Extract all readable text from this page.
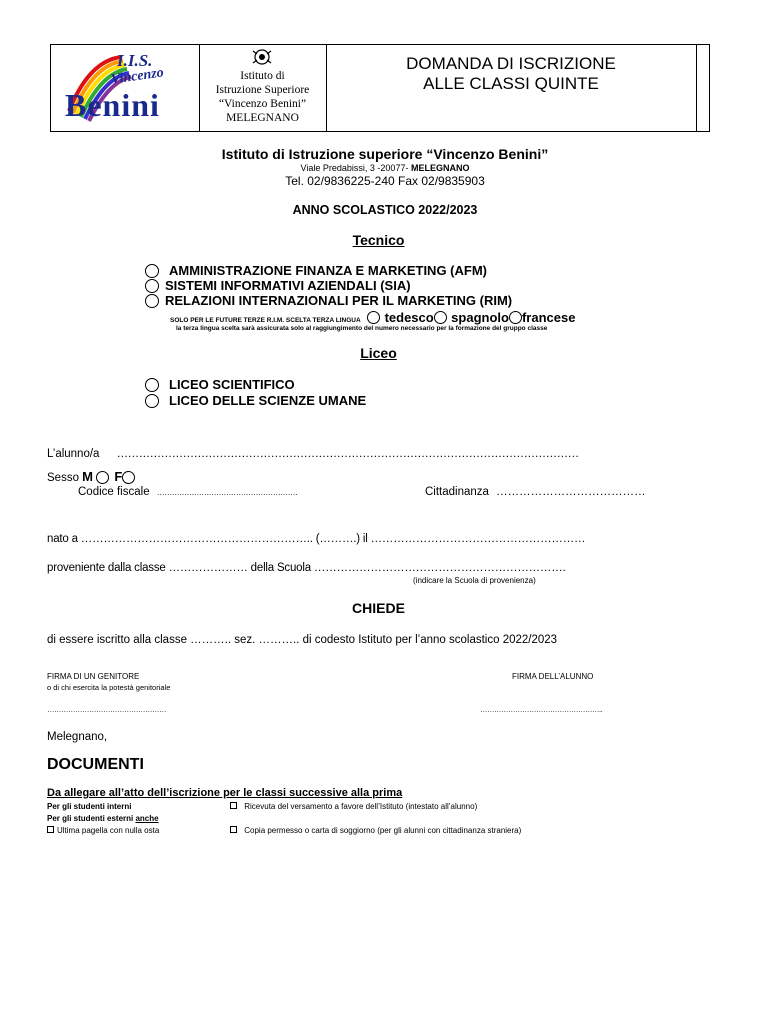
I.I.S.
Vincenzo
Benini
Istituto di
Istruzione Superiore
“Vincenzo Benini”
MELEGNANO
DOMANDA DI ISCRIZIONE
ALLE CLASSI QUINTE
Istituto di Istruzione superiore “Vincenzo Benini”
Viale Predabissi, 3 -20077- MELEGNANO
Tel. 02/9836225-240 Fax 02/9835903
ANNO SCOLASTICO 2022/2023
Tecnico
AMMINISTRAZIONE FINANZA E MARKETING (AFM)
SISTEMI INFORMATIVI AZIENDALI (SIA)
RELAZIONI INTERNAZIONALI PER IL MARKETING (RIM)
SOLO PER LE FUTURE TERZE R.I.M. SCELTA TERZA LINGUA tedesco spagnolo francese
la terza lingua scelta sarà assicurata solo al raggiungimento del numero necessario per la formazione del gruppo classe
Liceo
LICEO SCIENTIFICO
LICEO DELLE SCIENZE UMANE
L’alunno/a ………………………………………………………………………………………………………………
Sesso M F
Codice fiscale …………………………………………………	Cittadinanza …………………………………
nato a …………………………………………………….. (……….) il …………………………………………………
proveniente dalla classe ………………… della Scuola ………………………………………………………….
(indicare la Scuola di provenienza)
CHIEDE
di essere iscritto alla classe ……….. sez. ……….. di codesto Istituto per l’anno scolastico 2022/2023
FIRMA DI UN GENITORE
o di chi esercita la potestà genitoriale
FIRMA DELL’ALUNNO
……………………………………………	……………………………………………..
Melegnano,
DOCUMENTI
Da allegare all’atto dell’iscrizione per le classi successive alla prima
Per gli studenti interni	Ricevuta del versamento a favore dell’Istituto (intestato all’alunno)
Per gli studenti esterni anche
Ultima pagella con nulla osta	Copia permesso o carta di soggiorno (per gli alunni con cittadinanza straniera)
